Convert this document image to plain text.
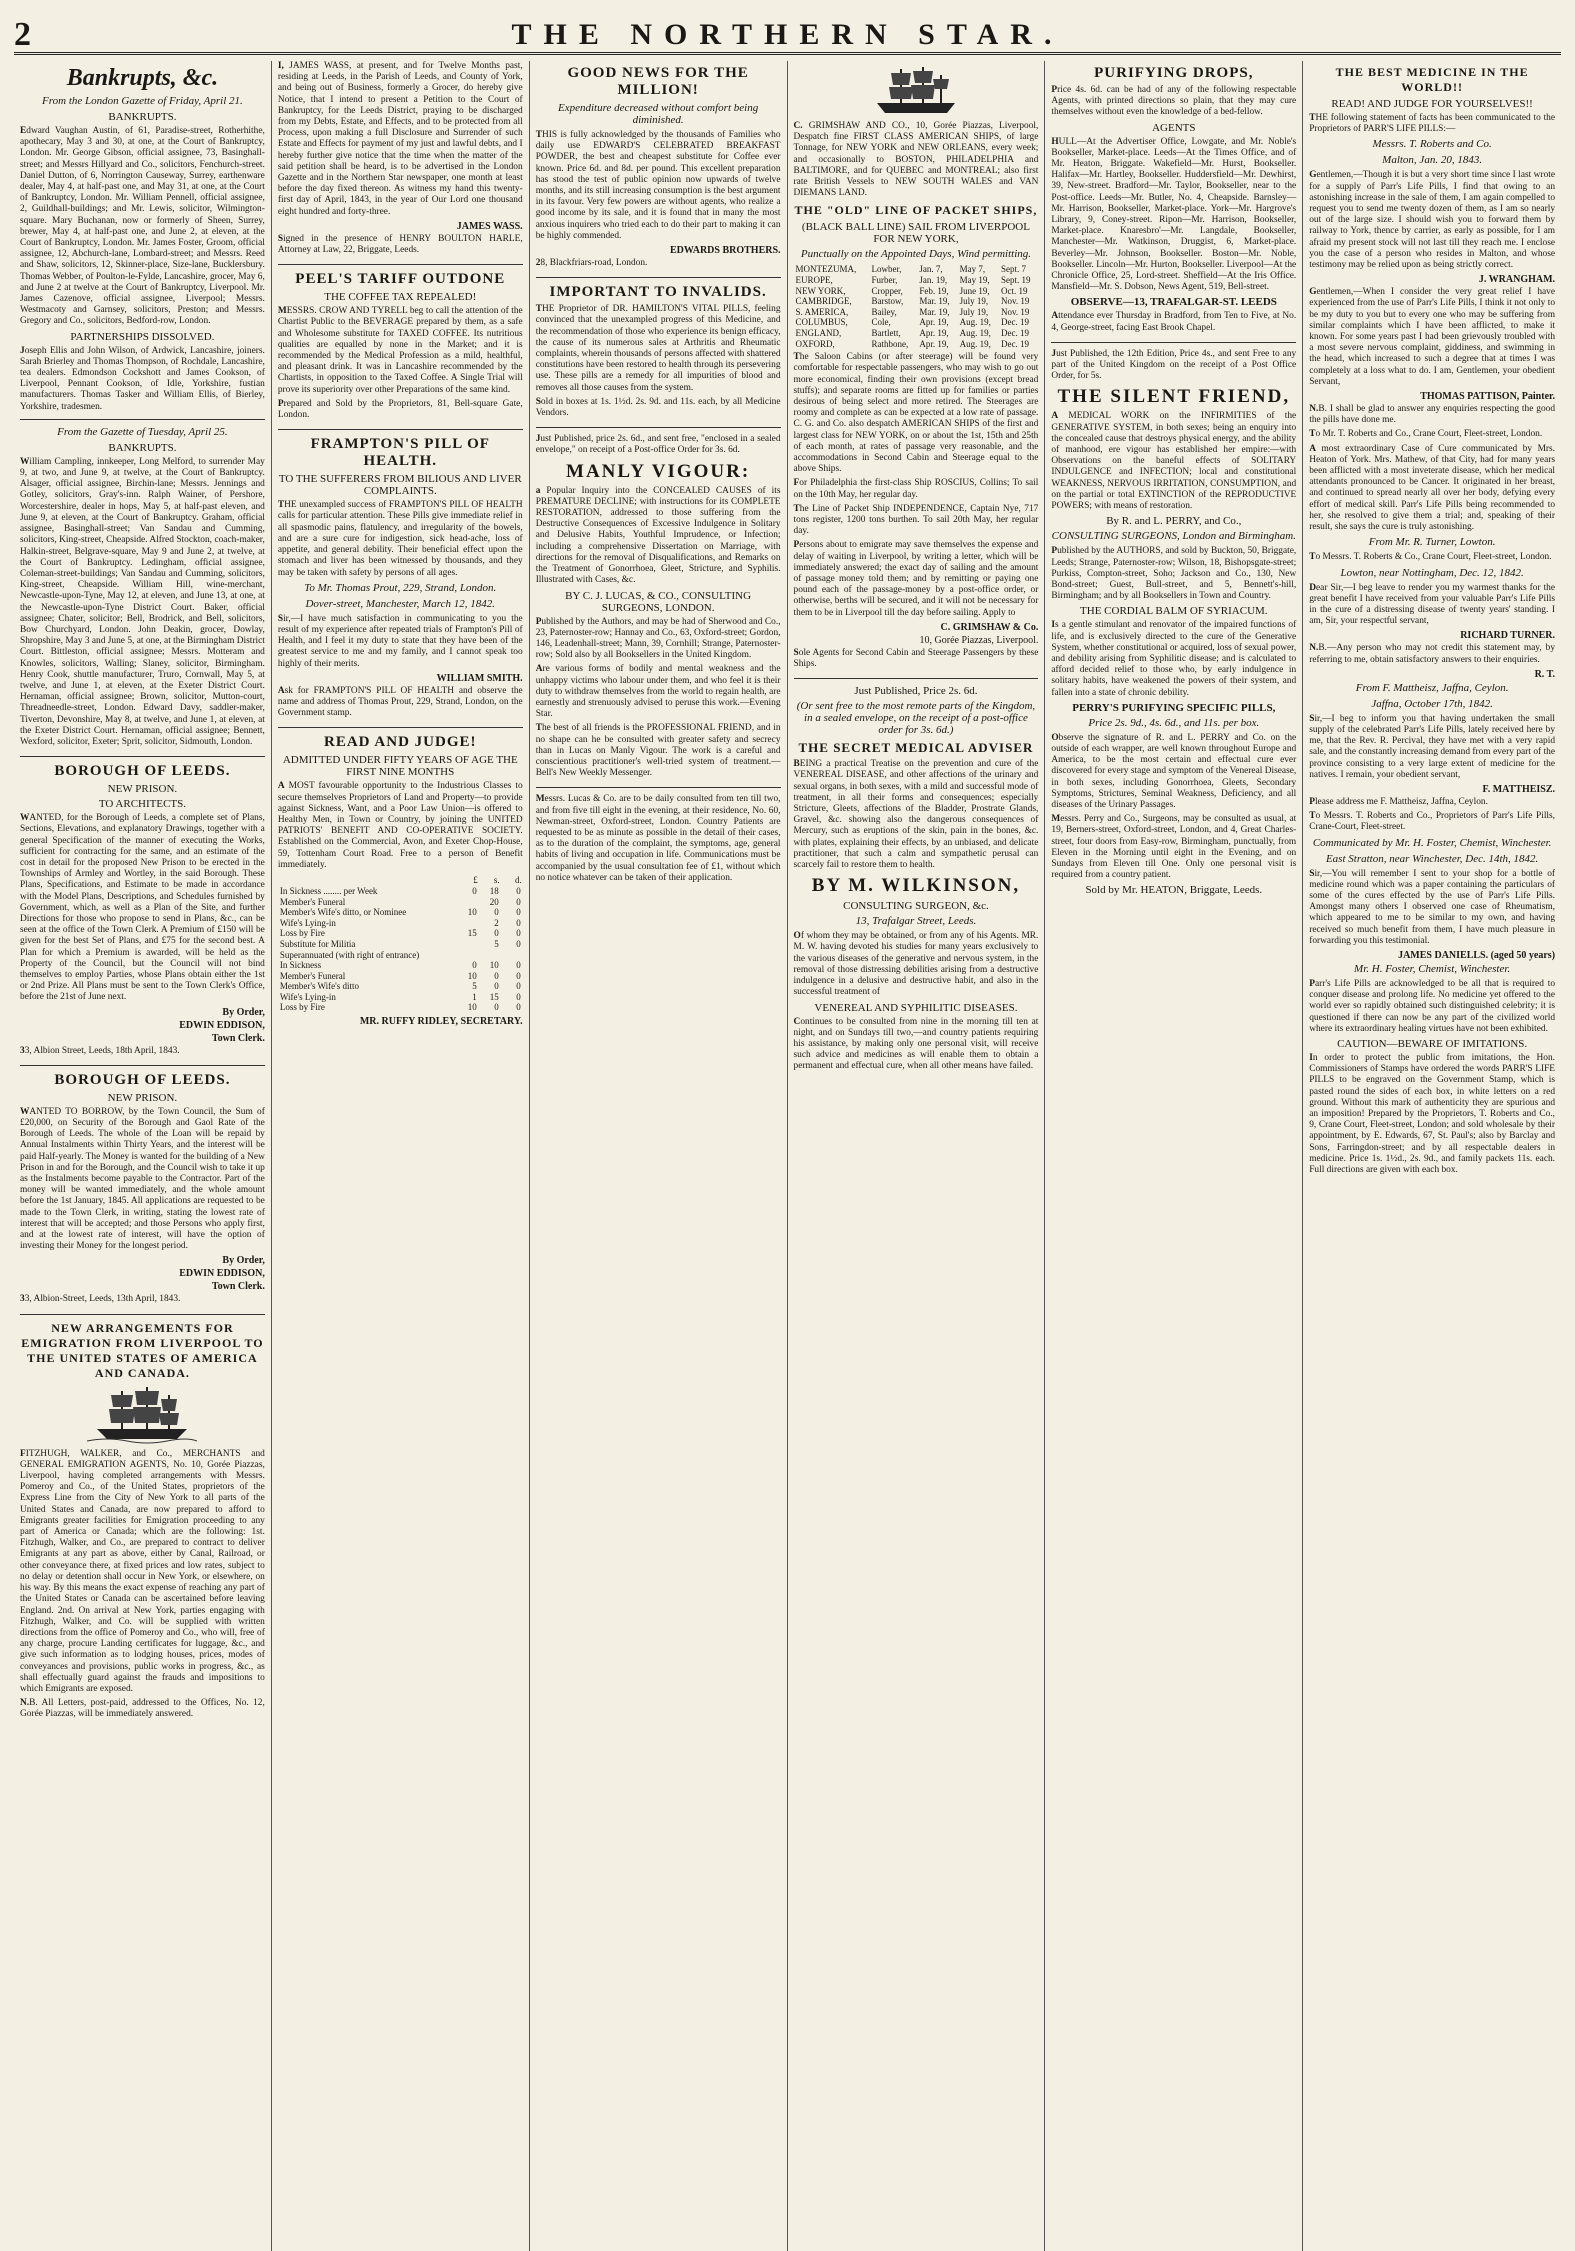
2	THE NORTHERN STAR.
Bankrupts, &c.
From the London Gazette of Friday, April 21.
BANKRUPTS.

Edward Vaughan Austin, of 61, Paradise-street, Rotherhithe, apothecary, May 3 and 30, at one, at the Court of Bankruptcy, London. Mr. George Gibson, official assignee, 73, Basinghall-street; and Messrs Hillyard and Co., solicitors, Fenchurch-street. Daniel Dutton, of 6, Norrington Causeway, Surrey, earthenware dealer, May 4, at half-past one, and May 31, at one, at the Court of Bankruptcy, London. Mr. William Pennell, official assignee, 2, Guildhall-buildings; and Mr. Lewis, solicitor, Wilmington-square. Mary Buchanan, now or formerly of Sheen, Surrey, brewer, May 4, at half-past one, and June 2, at eleven, at the Court of Bankruptcy, London. Mr. James Foster, Groom, official assignee, 12, Abchurch-lane, Lombard-street; and Messrs. Reed and Shaw, solicitors, 12, Skinner-place, Size-lane, Bucklersbury. Thomas Webber, of Poulton-le-Fylde, Lancashire, grocer, May 6, and June 2 at twelve at the Court of Bankruptcy, Liverpool. Mr. James Cazenove, official assignee, Liverpool; Messrs. Westmacoty and Garnsey, solicitors, Preston; and Messrs. Gregory and Co., solicitors, Bedford-row, London.

PARTNERSHIPS DISSOLVED.

Joseph Ellis and John Wilson, of Ardwick, Lancashire, joiners. Sarah Brierley and Thomas Thompson, of Rochdale, Lancashire, tea dealers. Edmondson Cockshott and James Cookson, of Liverpool, Pennant Cookson, of Idle, Yorkshire, fustian manufacturers. Thomas Tasker and William Ellis, of Bierley, Yorkshire, tradesmen.

From the Gazette of Tuesday, April 25.
BANKRUPTS.

William Campling, innkeeper, Long Melford, to surrender May 9, at two, and June 9, at twelve, at the Court of Bankruptcy. Alsager, official assignee, Birchin-lane; Messrs. Jennings and Gotley, solicitors, Gray's-inn. Ralph Wainer, of Pershore, Worcestershire, dealer in hops, May 5, at half-past eleven, and June 9, at eleven, at the Court of Bankruptcy. Graham, official assignee, Basinghall-street; Van Sandau and Cumming, solicitors, King-street, Cheapside. Alfred Stockton, coach-maker, Halkin-street, Belgrave-square, May 9 and June 2, at twelve, at the Court of Bankruptcy. Ledingham, official assignee, Coleman-street-buildings; Van Sandau and Cumming, solicitors, King-street, Cheapside. William Hill, wine-merchant, Newcastle-upon-Tyne, May 12, at eleven, and June 13, at one, at the Newcastle-upon-Tyne District Court. Baker, official assignee; Chater, solicitor; Bell, Brodrick, and Bell, solicitors, Bow Churchyard, London. John Deakin, grocer, Dowlay, Shropshire, May 3 and June 5, at one, at the Birmingham District Court. Bittleston, official assignee; Messrs. Motteram and Knowles, solicitors, Walling; Slaney, solicitor, Birmingham. Henry Cook, shuttle manufacturer, Truro, Cornwall, May 5, at twelve, and June 1, at eleven, at the Exeter District Court. Hernaman, official assignee; Brown, solicitor, Mutton-court, Threadneedle-street, London. Edward Davy, saddler-maker, Tiverton, Devonshire, May 8, at twelve, and June 1, at eleven, at the Exeter District Court. Hernaman, official assignee; Bennett, Wexford, solicitor, Exeter; Sprit, solicitor, Sidmouth, London.

BOROUGH OF LEEDS.
NEW PRISON.
TO ARCHITECTS.

WANTED, for the Borough of Leeds, a complete set of Plans, Sections, Elevations, and explanatory Drawings, together with a general Specification of the manner of executing the Works, sufficient for contracting for the same, and an estimate of the cost in detail for the proposed New Prison to be erected in the Townships of Armley and Wortley, in the said Borough. These Plans, Specifications, and Estimate to be made in accordance with the Model Plans, Descriptions, and Schedules furnished by Government, which, as well as a Plan of the Site, and further Directions for those who propose to send in Plans, &c., can be seen at the office of the Town Clerk. A Premium of £150 will be given for the best Set of Plans, and £75 for the second best. A Plan for which a Premium is awarded, will be held as the Property of the Council, but the Council will not bind themselves to employ Parties, whose Plans obtain either the 1st or 2nd Prize. All Plans must be sent to the Town Clerk's Office, before the 21st of June next.

By Order,
EDWIN EDDISON,
Town Clerk.

33, Albion Street, Leeds, 18th April, 1843.

BOROUGH OF LEEDS.
NEW PRISON.

WANTED TO BORROW, by the Town Council, the Sum of £20,000, on Security of the Borough and Gaol Rate of the Borough of Leeds. The whole of the Loan will be repaid by Annual Instalments within Thirty Years, and the interest will be paid Half-yearly. The Money is wanted for the building of a New Prison in and for the Borough, and the Council wish to take it up as the Instalments become payable to the Contractor. Part of the money will be wanted immediately, and the whole amount before the 1st January, 1845. All applications are requested to be made to the Town Clerk, in writing, stating the lowest rate of interest that will be accepted; and those Persons who apply first, and at the lowest rate of interest, will have the option of investing their Money for the longest period.

By Order,
EDWIN EDDISON,
Town Clerk.

33, Albion-Street, Leeds, 13th April, 1843.

NEW ARRANGEMENTS FOR EMIGRATION FROM LIVERPOOL TO THE UNITED STATES OF AMERICA AND CANADA.

FITZHUGH, WALKER, and Co., MERCHANTS and GENERAL EMIGRATION AGENTS, No. 10, Gorée Piazzas, Liverpool, having completed arrangements with Messrs. Pomeroy and Co., of the United States, proprietors of the Express Line from the City of New York to all parts of the United States and Canada, are now prepared to afford to Emigrants greater facilities for Emigration proceeding to any part of America or Canada; which are the following: 1st. Fitzhugh, Walker, and Co., are prepared to contract to deliver Emigrants at any part as above, either by Canal, Railroad, or other conveyance there, at fixed prices and low rates, subject to no delay or detention shall occur in New York, or elsewhere, on his way. By this means the exact expense of reaching any part of the United States or Canada can be ascertained before leaving England. 2nd. On arrival at New York, parties engaging with Fitzhugh, Walker, and Co. will be supplied with written directions from the office of Pomeroy and Co., who will, free of any charge, procure Landing certificates for luggage, &c., and give such information as to lodging houses, prices, modes of conveyances and provisions, public works in progress, &c., as shall effectually guard against the frauds and impositions to which Emigrants are exposed.

N.B. All Letters, post-paid, addressed to the Offices, No. 12, Gorée Piazzas, will be immediately answered.

I, JAMES WASS, at present, and for Twelve Months past, residing at Leeds, in the Parish of Leeds, and County of York, and being out of Business, formerly a Grocer, do hereby give Notice, that I intend to present a Petition to the Court of Bankruptcy, for the Leeds District, praying to be discharged from my Debts, Estate, and Effects, and to be protected from all Process, upon making a full Disclosure and Surrender of such Estate and Effects for payment of my just and lawful debts, and I hereby further give notice that the time when the matter of the said petition shall be heard, is to be advertised in the London Gazette and in the Northern Star newspaper, one month at least before the day fixed thereon. As witness my hand this twenty-first day of April, 1843, in the year of Our Lord one thousand eight hundred and forty-three.

JAMES WASS.

Signed in the presence of HENRY BOULTON HARLE, Attorney at Law, 22, Briggate, Leeds.

PEEL'S TARIFF OUTDONE
THE COFFEE TAX REPEALED!

MESSRS. CROW AND TYRELL beg to call the attention of the Chartist Public to the BEVERAGE prepared by them, as a safe and Wholesome substitute for TAXED COFFEE. Its nutritious qualities are equalled by none in the Market; and it is recommended by the Medical Profession as a mild, healthful, and pleasant drink. It was in Lancashire recommended by the Chartists, in opposition to the Taxed Coffee. A Single Trial will prove its superiority over other Preparations of the same kind.

Prepared and Sold by the Proprietors, 81, Bell-square Gate, London.

FRAMPTON'S PILL OF HEALTH.
TO THE SUFFERERS FROM BILIOUS AND LIVER COMPLAINTS.

THE unexampled success of FRAMPTON'S PILL OF HEALTH calls for particular attention. These Pills give immediate relief in all spasmodic pains, flatulency, and irregularity of the bowels, and are a sure cure for indigestion, sick head-ache, loss of appetite, and general debility. Their beneficial effect upon the stomach and liver has been witnessed by thousands, and they may be taken with safety by persons of all ages.

To Mr. Thomas Prout, 229, Strand, London.
Dover-street, Manchester, March 12, 1842.

Sir,—I have much satisfaction in communicating to you the result of my experience after repeated trials of Frampton's Pill of Health, and I feel it my duty to state that they have been of the greatest service to me and my family, and I cannot speak too highly of their merits.

WILLIAM SMITH.

Ask for FRAMPTON'S PILL OF HEALTH and observe the name and address of Thomas Prout, 229, Strand, London, on the Government stamp.

READ AND JUDGE!
ADMITTED UNDER FIFTY YEARS OF AGE THE FIRST NINE MONTHS

A MOST favourable opportunity to the Industrious Classes to secure themselves Proprietors of Land and Property—to provide against Sickness, Want, and a Poor Law Union—is offered to Healthy Men, in Town or Country, by joining the UNITED PATRIOTS' BENEFIT AND CO-OPERATIVE SOCIETY. Established on the Commercial, Avon, and Exeter Chop-House, 59, Tottenham Court Road. Free to a person of Benefit immediately.

	£	s.	d.
In Sickness ........ per Week	0	18	0
Member's Funeral		20	0
Member's Wife's ditto, or Nominee	10	0	0
Wife's Lying-in		2	0
Loss by Fire	15	0	0
Substitute for Militia		5	0
Superannuated (with right of entrance)			
In Sickness	0	10	0
Member's Funeral	10	0	0
Member's Wife's ditto	5	0	0
Wife's Lying-in	1	15	0
Loss by Fire	10	0	0
MR. RUFFY RIDLEY, SECRETARY.
GOOD NEWS FOR THE MILLION!
Expenditure decreased without comfort being diminished.

THIS is fully acknowledged by the thousands of Families who daily use EDWARD'S CELEBRATED BREAKFAST POWDER, the best and cheapest substitute for Coffee ever known. Price 6d. and 8d. per pound. This excellent preparation has stood the test of public opinion now upwards of twelve months, and its still increasing consumption is the best argument in its favour. Very few powers are without agents, who realize a good income by its sale, and it is found that in many the most anxious inquirers who tried each to do their part to making it can be highly commended.

EDWARDS BROTHERS.

28, Blackfriars-road, London.

IMPORTANT TO INVALIDS.

THE Proprietor of DR. HAMILTON'S VITAL PILLS, feeling convinced that the unexampled progress of this Medicine, and the recommendation of those who experience its benign efficacy, the cause of its numerous sales at Arthritis and Rheumatic complaints, wherein thousands of persons affected with shattered constitutions have been restored to health through its persevering use. These pills are a remedy for all impurities of blood and removes all those causes from the system.

Sold in boxes at 1s. 1½d. 2s. 9d. and 11s. each, by all Medicine Vendors.

Just Published, price 2s. 6d., and sent free, "enclosed in a sealed envelope," on receipt of a Post-office Order for 3s. 6d.

MANLY VIGOUR:

a Popular Inquiry into the CONCEALED CAUSES of its PREMATURE DECLINE; with instructions for its COMPLETE RESTORATION, addressed to those suffering from the Destructive Consequences of Excessive Indulgence in Solitary and Delusive Habits, Youthful Imprudence, or Infection; including a comprehensive Dissertation on Marriage, with directions for the removal of Disqualifications, and Remarks on the Treatment of Gonorrhoea, Gleet, Stricture, and Syphilis. Illustrated with Cases, &c.

BY C. J. LUCAS, & CO., CONSULTING SURGEONS, LONDON.

Published by the Authors, and may be had of Sherwood and Co., 23, Paternoster-row; Hannay and Co., 63, Oxford-street; Gordon, 146, Leadenhall-street; Mann, 39, Cornhill; Strange, Paternoster-row; Sold also by all Booksellers in the United Kingdom.

Are various forms of bodily and mental weakness and the unhappy victims who labour under them, and who feel it is their duty to withdraw themselves from the world to regain health, are earnestly and strenuously advised to peruse this work.—Evening Star.

The best of all friends is the PROFESSIONAL FRIEND, and in no shape can he be consulted with greater safety and secrecy than in Lucas on Manly Vigour. The work is a careful and conscientious practitioner's well-tried system of treatment.—Bell's New Weekly Messenger.

Messrs. Lucas & Co. are to be daily consulted from ten till two, and from five till eight in the evening, at their residence, No. 60, Newman-street, Oxford-street, London. Country Patients are requested to be as minute as possible in the detail of their cases, as to the duration of the complaint, the symptoms, age, general habits of living and occupation in life. Communications must be accompanied by the usual consultation fee of £1, without which no notice whatever can be taken of their application.

C. GRIMSHAW AND CO., 10, Gorée Piazzas, Liverpool, Despatch fine FIRST CLASS AMERICAN SHIPS, of large Tonnage, for NEW YORK and NEW ORLEANS, every week; and occasionally to BOSTON, PHILADELPHIA and BALTIMORE, and for QUEBEC and MONTREAL; also first rate British Vessels to NEW SOUTH WALES and VAN DIEMANS LAND.

THE "OLD" LINE OF PACKET SHIPS,
(BLACK BALL LINE) SAIL FROM LIVERPOOL FOR NEW YORK,
Punctually on the Appointed Days, Wind permitting.
MONTEZUMA,	Lowber,	Jan. 7,	May 7,	Sept. 7
EUROPE,	Furber,	Jan. 19,	May 19,	Sept. 19
NEW YORK,	Cropper,	Feb. 19,	June 19,	Oct. 19
CAMBRIDGE,	Barstow,	Mar. 19,	July 19,	Nov. 19
S. AMERICA,	Bailey,	Mar. 19,	July 19,	Nov. 19
COLUMBUS,	Cole,	Apr. 19,	Aug. 19,	Dec. 19
ENGLAND,	Bartlett,	Apr. 19,	Aug. 19,	Dec. 19
OXFORD,	Rathbone,	Apr. 19,	Aug. 19,	Dec. 19

The Saloon Cabins (or after steerage) will be found very comfortable for respectable passengers, who may wish to go out more economical, finding their own provisions (except bread stuffs); and separate rooms are fitted up for families or parties desirous of being select and more retired. The Steerages are roomy and complete as can be expected at a low rate of passage. C. G. and Co. also despatch AMERICAN SHIPS of the first and largest class for NEW YORK, on or about the 1st, 15th and 25th of each month, at rates of passage very reasonable, and the accommodations in Second Cabin and Steerage equal to the above Ships.

For Philadelphia the first-class Ship ROSCIUS, Collins; To sail on the 10th May, her regular day.

The Line of Packet Ship INDEPENDENCE, Captain Nye, 717 tons register, 1200 tons burthen. To sail 20th May, her regular day.

Persons about to emigrate may save themselves the expense and delay of waiting in Liverpool, by writing a letter, which will be immediately answered; the exact day of sailing and the amount of passage money told them; and by remitting or paying one pound each of the passage-money by a post-office order, or otherwise, berths will be secured, and it will not be necessary for them to be in Liverpool till the day before sailing. Apply to

C. GRIMSHAW & Co.
10, Gorée Piazzas, Liverpool.

Sole Agents for Second Cabin and Steerage Passengers by these Ships.

Just Published, Price 2s. 6d.
(Or sent free to the most remote parts of the Kingdom, in a sealed envelope, on the receipt of a post-office order for 3s. 6d.)
THE SECRET MEDICAL ADVISER

BEING a practical Treatise on the prevention and cure of the VENEREAL DISEASE, and other affections of the urinary and sexual organs, in both sexes, with a mild and successful mode of treatment, in all their forms and consequences; especially Stricture, Gleets, affections of the Bladder, Prostrate Glands, Gravel, &c. showing also the dangerous consequences of Mercury, such as eruptions of the skin, pain in the bones, &c. with plates, explaining their effects, by an unbiased, and delicate practitioner, that such a calm and sympathetic perusal can scarcely fail to restore them to health.

BY M. WILKINSON,
CONSULTING SURGEON, &c.
13, Trafalgar Street, Leeds.

Of whom they may be obtained, or from any of his Agents. MR. M. W. having devoted his studies for many years exclusively to the various diseases of the generative and nervous system, in the removal of those distressing debilities arising from a destructive indulgence in a delusive and destructive habit, and also in the successful treatment of

VENEREAL AND SYPHILITIC DISEASES.

Continues to be consulted from nine in the morning till ten at night, and on Sundays till two,—and country patients requiring his assistance, by making only one personal visit, will receive such advice and medicines as will enable them to obtain a permanent and effectual cure, when all other means have failed.

PURIFYING DROPS,

Price 4s. 6d. can be had of any of the following respectable Agents, with printed directions so plain, that they may cure themselves without even the knowledge of a bed-fellow.

AGENTS

HULL—At the Advertiser Office, Lowgate, and Mr. Noble's Bookseller, Market-place. Leeds—At the Times Office, and of Mr. Heaton, Briggate. Wakefield—Mr. Hurst, Bookseller. Halifax—Mr. Hartley, Bookseller. Huddersfield—Mr. Dewhirst, 39, New-street. Bradford—Mr. Taylor, Bookseller, near to the Post-office. Leeds—Mr. Butler, No. 4, Cheapside. Barnsley—Mr. Harrison, Bookseller, Market-place. York—Mr. Hargrove's Library, 9, Coney-street. Ripon—Mr. Harrison, Bookseller, Market-place. Knaresbro'—Mr. Langdale, Bookseller, Manchester—Mr. Watkinson, Druggist, 6, Market-place. Beverley—Mr. Johnson, Bookseller. Boston—Mr. Noble, Bookseller. Lincoln—Mr. Hurton, Bookseller. Liverpool—At the Chronicle Office, 25, Lord-street. Sheffield—At the Iris Office. Mansfield—Mr. S. Dobson, News Agent, 519, Bell-street.

OBSERVE—13, TRAFALGAR-ST. LEEDS

Attendance ever Thursday in Bradford, from Ten to Five, at No. 4, George-street, facing East Brook Chapel.

Just Published, the 12th Edition, Price 4s., and sent Free to any part of the United Kingdom on the receipt of a Post Office Order, for 5s.

THE SILENT FRIEND,

A MEDICAL WORK on the INFIRMITIES of the GENERATIVE SYSTEM, in both sexes; being an enquiry into the concealed cause that destroys physical energy, and the ability of manhood, ere vigour has established her empire:—with Observations on the baneful effects of SOLITARY INDULGENCE and INFECTION; local and constitutional WEAKNESS, NERVOUS IRRITATION, CONSUMPTION, and on the partial or total EXTINCTION of the REPRODUCTIVE POWERS; with means of restoration.

By R. and L. PERRY, and Co.,
CONSULTING SURGEONS, London and Birmingham.

Published by the AUTHORS, and sold by Buckton, 50, Briggate, Leeds; Strange, Paternoster-row; Wilson, 18, Bishopsgate-street; Purkiss, Compton-street, Soho; Jackson and Co., 130, New Bond-street; Guest, Bull-street, and 5, Bennett's-hill, Birmingham; and by all Booksellers in Town and Country.

THE CORDIAL BALM OF SYRIACUM.

Is a gentle stimulant and renovator of the impaired functions of life, and is exclusively directed to the cure of the Generative System, whether constitutional or acquired, loss of sexual power, and debility arising from Syphilitic disease; and is calculated to afford decided relief to those who, by early indulgence in solitary habits, have weakened the powers of their system, and fallen into a state of chronic debility.

PERRY'S PURIFYING SPECIFIC PILLS,
Price 2s. 9d., 4s. 6d., and 11s. per box.

Observe the signature of R. and L. PERRY and Co. on the outside of each wrapper, are well known throughout Europe and America, to be the most certain and effectual cure ever discovered for every stage and symptom of the Venereal Disease, in both sexes, including Gonorrhoea, Gleets, Secondary Symptoms, Strictures, Seminal Weakness, Deficiency, and all diseases of the Urinary Passages.

Messrs. Perry and Co., Surgeons, may be consulted as usual, at 19, Berners-street, Oxford-street, London, and 4, Great Charles-street, four doors from Easy-row, Birmingham, punctually, from Eleven in the Morning until eight in the Evening, and on Sundays from Eleven till One. Only one personal visit is required from a country patient.

Sold by Mr. HEATON, Briggate, Leeds.
THE BEST MEDICINE IN THE WORLD!!
READ! AND JUDGE FOR YOURSELVES!!

THE following statement of facts has been communicated to the Proprietors of PARR'S LIFE PILLS:—

Messrs. T. Roberts and Co.
Malton, Jan. 20, 1843.

Gentlemen,—Though it is but a very short time since I last wrote for a supply of Parr's Life Pills, I find that owing to an astonishing increase in the sale of them, I am again compelled to request you to send me twenty dozen of them, as I am so nearly out of the large size. I should wish you to forward them by railway to York, thence by carrier, as early as possible, for I am afraid my present stock will not last till they reach me. I enclose you the case of a person who resides in Malton, and whose testimony may be relied upon as being strictly correct.

J. WRANGHAM.

Gentlemen,—When I consider the very great relief I have experienced from the use of Parr's Life Pills, I think it not only to be my duty to you but to every one who may be suffering from similar complaints which I have been afflicted, to make it known. For some years past I had been grievously troubled with a most severe nervous complaint, giddiness, and swimming in the head, which increased to such a degree that at times I was completely at a loss what to do. I am, Gentlemen, your obedient Servant,

THOMAS PATTISON, Painter.

N.B. I shall be glad to answer any enquiries respecting the good the pills have done me.

To Mr. T. Roberts and Co., Crane Court, Fleet-street, London.

A most extraordinary Case of Cure communicated by Mrs. Heaton of York. Mrs. Mathew, of that City, had for many years been afflicted with a most inveterate disease, which her medical attendants pronounced to be Cancer. It originated in her breast, and continued to spread nearly all over her body, defying every effort of medical skill. Parr's Life Pills being recommended to her, she resolved to give them a trial; and, speaking of their result, she says the cure is truly astonishing.

From Mr. R. Turner, Lowton.

To Messrs. T. Roberts & Co., Crane Court, Fleet-street, London.

Lowton, near Nottingham, Dec. 12, 1842.

Dear Sir,—I beg leave to render you my warmest thanks for the great benefit I have received from your valuable Parr's Life Pills in the cure of a distressing disease of twenty years' standing. I am, Sir, your respectful servant,

RICHARD TURNER.

N.B.—Any person who may not credit this statement may, by referring to me, obtain satisfactory answers to their enquiries.

R. T.
From F. Mattheisz, Jaffna, Ceylon.
Jaffna, October 17th, 1842.

Sir,—I beg to inform you that having undertaken the small supply of the celebrated Parr's Life Pills, lately received here by me, that the Rev. R. Percival, they have met with a very rapid sale, and the constantly increasing demand from every part of the province consisting to a very large extent of medicine for the natives. I remain, your obedient servant,

F. MATTHEISZ.

Please address me F. Mattheisz, Jaffna, Ceylon.

To Messrs. T. Roberts and Co., Proprietors of Parr's Life Pills, Crane-Court, Fleet-street.

Communicated by Mr. H. Foster, Chemist, Winchester.
East Stratton, near Winchester, Dec. 14th, 1842.

Sir,—You will remember I sent to your shop for a bottle of medicine round which was a paper containing the particulars of some of the cures effected by the use of Parr's Life Pills. Amongst many others I observed one case of Rheumatism, which appeared to me to be similar to my own, and having received so much benefit from them, I have much pleasure in forwarding you this testimonial.

JAMES DANIELLS. (aged 50 years)
Mr. H. Foster, Chemist, Winchester.

Parr's Life Pills are acknowledged to be all that is required to conquer disease and prolong life. No medicine yet offered to the world ever so rapidly obtained such distinguished celebrity; it is questioned if there can now be any part of the civilized world where its extraordinary healing virtues have not been exhibited.

CAUTION—BEWARE OF IMITATIONS.

In order to protect the public from imitations, the Hon. Commissioners of Stamps have ordered the words PARR'S LIFE PILLS to be engraved on the Government Stamp, which is pasted round the sides of each box, in white letters on a red ground. Without this mark of authenticity they are spurious and an imposition! Prepared by the Proprietors, T. Roberts and Co., 9, Crane Court, Fleet-street, London; and sold wholesale by their appointment, by E. Edwards, 67, St. Paul's; also by Barclay and Sons, Farringdon-street; and by all respectable dealers in medicine. Price 1s. 1½d., 2s. 9d., and family packets 11s. each. Full directions are given with each box.
